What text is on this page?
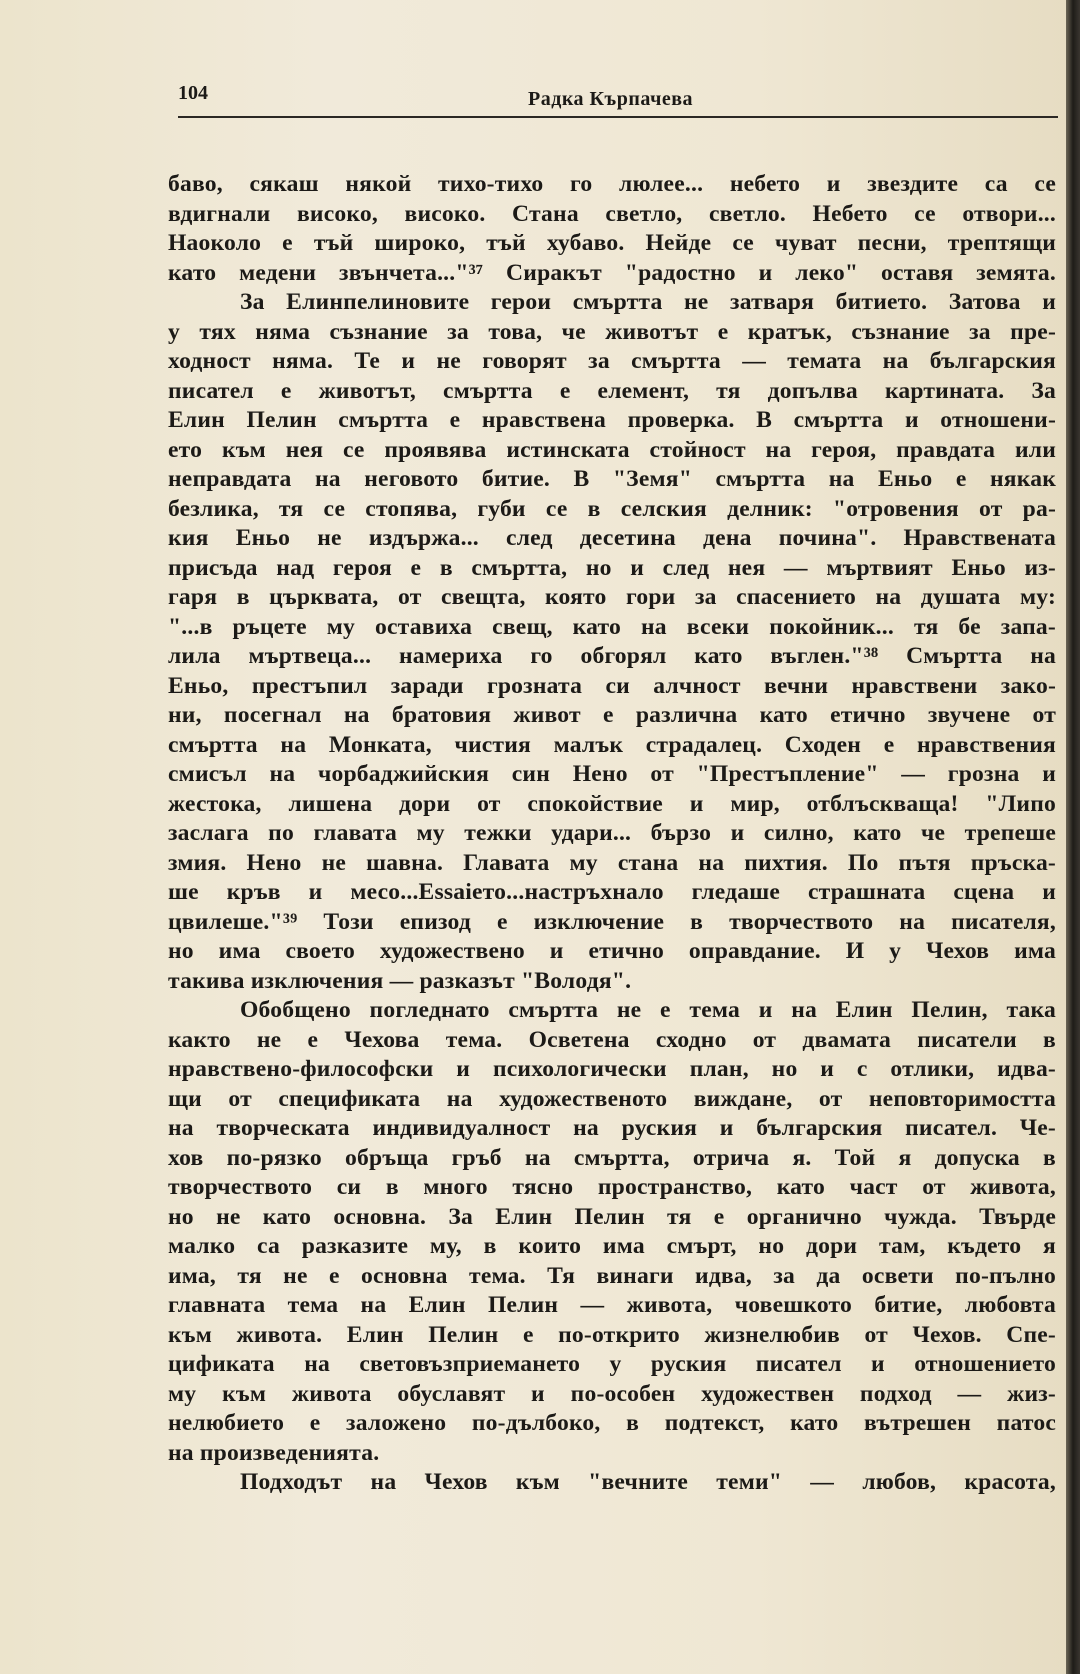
104	Радка Кърпачева
баво, сякаш някой тихо-тихо го люлее... небето и звездите са се
вдигнали високо, високо. Стана светло, светло. Небето се отвори...
Наоколо е тъй широко, тъй хубаво. Нейде се чуват песни, трептящи
като медени звънчета..."³⁷ Сиракът "радостно и леко" оставя земята.
За Елинпелиновите герои смъртта не затваря битието. Затова и
у тях няма съзнание за това, че животът е кратък, съзнание за пре-
ходност няма. Те и не говорят за смъртта — темата на българския
писател е животът, смъртта е елемент, тя допълва картината. За
Елин Пелин смъртта е нравствена проверка. В смъртта и отношени-
ето към нея се проявява истинската стойност на героя, правдата или
неправдата на неговото битие. В "Земя" смъртта на Еньо е някак
безлика, тя се стопява, губи се в селския делник: "отровения от ра-
кия Еньо не издържа... след десетина дена почина". Нравствената
присъда над героя е в смъртта, но и след нея — мъртвият Еньо из-
гаря в църквата, от свещта, която гори за спасението на душата му:
"...в ръцете му оставиха свещ, като на всеки покойник... тя бе запа-
лила мъртвеца... намериха го обгорял като въглен."³⁸ Смъртта на
Еньо, престъпил заради грозната си алчност вечни нравствени зако-
ни, посегнал на братовия живот е различна като етично звучене от
смъртта на Монката, чистия малък страдалец. Сходен е нравствения
смисъл на чорбаджийския син Нено от "Престъпление" — грозна и
жестока, лишена дори от спокойствие и мир, отблъскваща! "Липо
заслага по главата му тежки удари... бързо и силно, като че трепеше
змия. Нено не шавна. Главата му стана на пихтия. По пътя пръска-
ше кръв и месо...Essaieто...настръхнало гледаше страшната сцена и
цвилеше."³⁹ Този епизод е изключение в творчеството на писателя,
но има своето художествено и етично оправдание. И у Чехов има
такива изключения — разказът "Володя".
Обобщено погледнато смъртта не е тема и на Елин Пелин, така
както не е Чехова тема. Осветена сходно от двамата писатели в
нравствено-философски и психологически план, но и с отлики, идва-
щи от спецификата на художественото виждане, от неповторимостта
на творческата индивидуалност на руския и българския писател. Че-
хов по-рязко обръща гръб на смъртта, отрича я. Той я допуска в
творчеството си в много тясно пространство, като част от живота,
но не като основна. За Елин Пелин тя е органично чужда. Твърде
малко са разказите му, в които има смърт, но дори там, където я
има, тя не е основна тема. Тя винаги идва, за да освети по-пълно
главната тема на Елин Пелин — живота, човешкото битие, любовта
към живота. Елин Пелин е по-открито жизнелюбив от Чехов. Спе-
цификата на световъзприемането у руския писател и отношението
му към живота обуславят и по-особен художествен подход — жиз-
нелюбието е заложено по-дълбоко, в подтекст, като вътрешен патос
на произведенията.
Подходът на Чехов към "вечните теми" — любов, красота,
